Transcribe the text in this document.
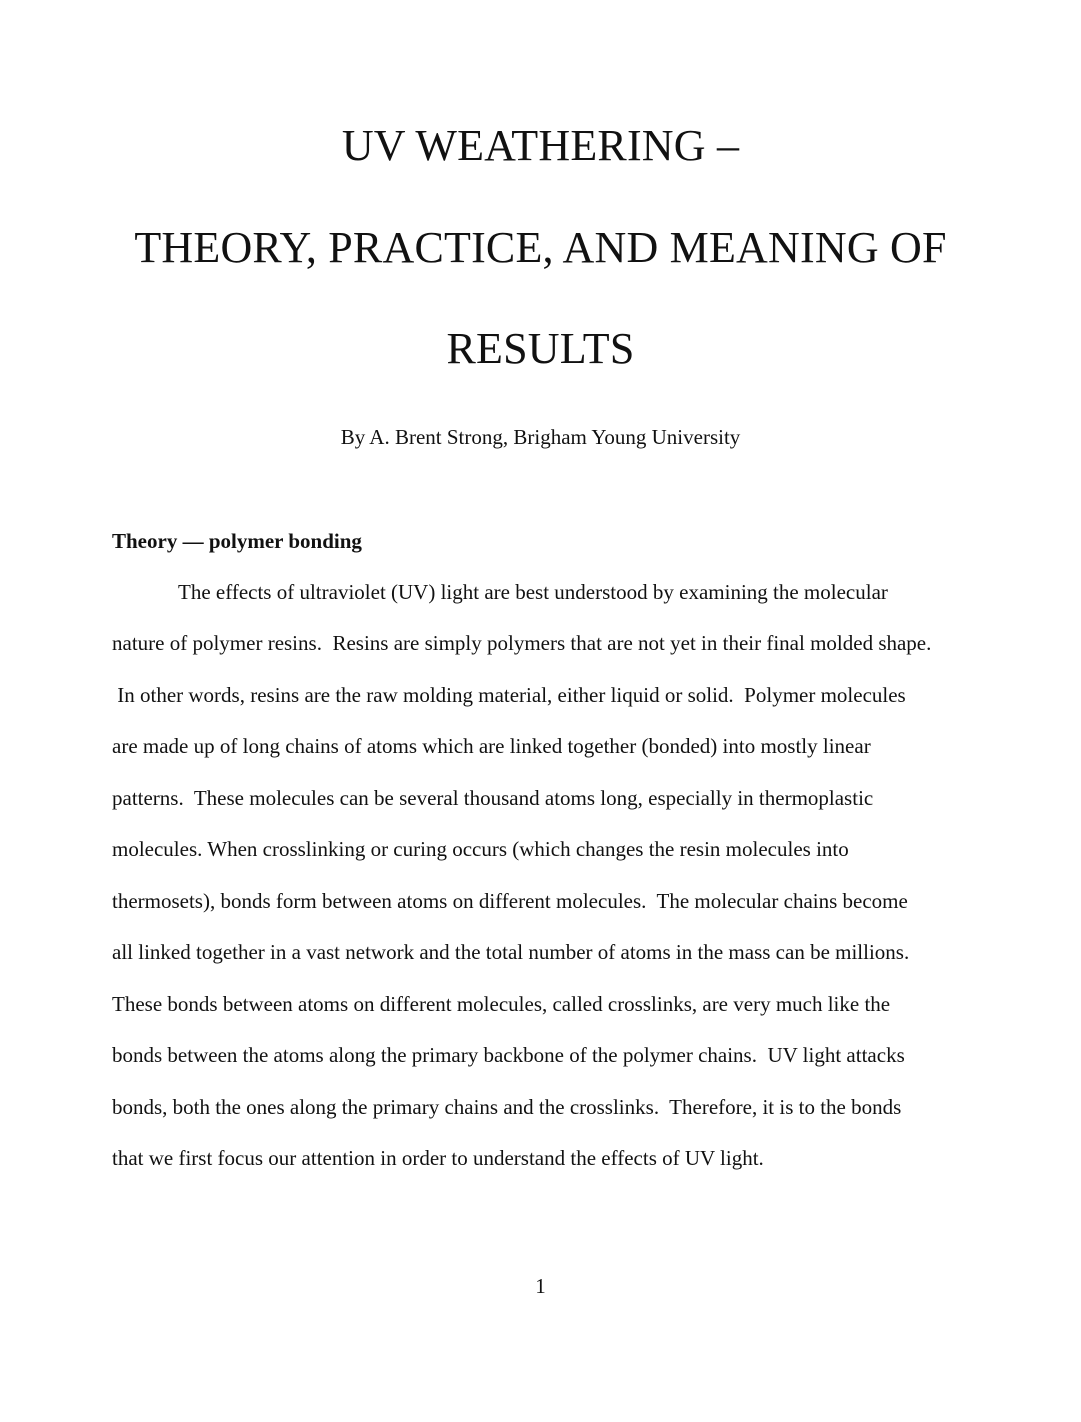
UV WEATHERING –
THEORY, PRACTICE, AND MEANING OF
RESULTS
By A. Brent Strong, Brigham Young University
Theory — polymer bonding
The effects of ultraviolet (UV) light are best understood by examining the molecular
nature of polymer resins.  Resins are simply polymers that are not yet in their final molded shape.
In other words, resins are the raw molding material, either liquid or solid.  Polymer molecules
are made up of long chains of atoms which are linked together (bonded) into mostly linear
patterns.  These molecules can be several thousand atoms long, especially in thermoplastic
molecules. When crosslinking or curing occurs (which changes the resin molecules into
thermosets), bonds form between atoms on different molecules.  The molecular chains become
all linked together in a vast network and the total number of atoms in the mass can be millions.
These bonds between atoms on different molecules, called crosslinks, are very much like the
bonds between the atoms along the primary backbone of the polymer chains.  UV light attacks
bonds, both the ones along the primary chains and the crosslinks.  Therefore, it is to the bonds
that we first focus our attention in order to understand the effects of UV light.
1
